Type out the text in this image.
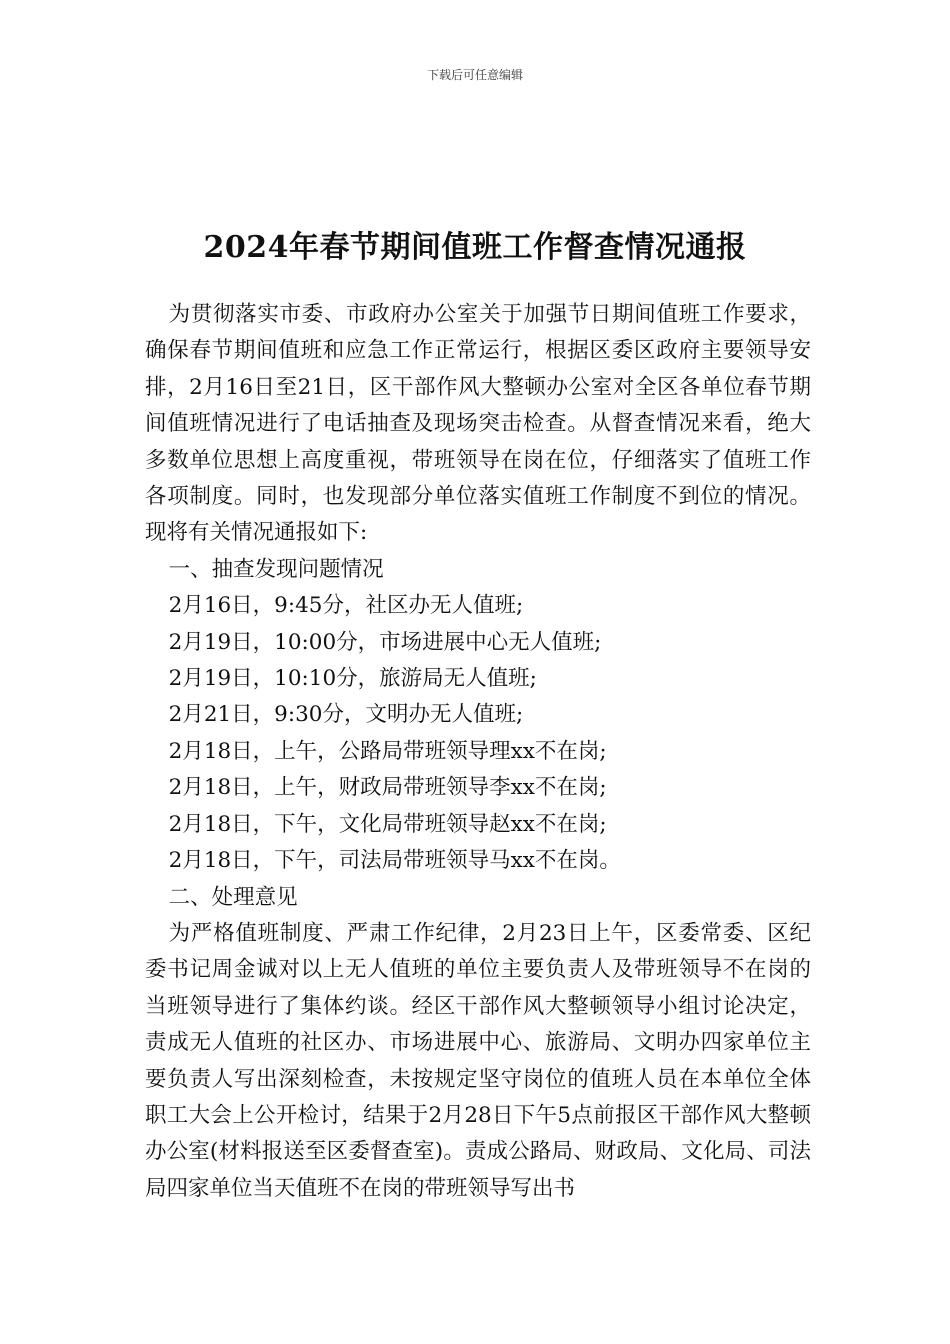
下载后可任意编辑
2024年春节期间值班工作督查情况通报

为贯彻落实市委、市政府办公室关于加强节日期间值班工作要求，确保春节期间值班和应急工作正常运行，根据区委区政府主要领导安排，2月16日至21日，区干部作风大整顿办公室对全区各单位春节期间值班情况进行了电话抽查及现场突击检查。从督查情况来看，绝大多数单位思想上高度重视，带班领导在岗在位，仔细落实了值班工作各项制度。同时，也发现部分单位落实值班工作制度不到位的情况。现将有关情况通报如下:

一、抽查发现问题情况
2月16日，9:45分，社区办无人值班;
2月19日，10:00分，市场进展中心无人值班;
2月19日，10:10分，旅游局无人值班;
2月21日，9:30分，文明办无人值班;
2月18日，上午，公路局带班领导理xx不在岗;
2月18日，上午，财政局带班领导李xx不在岗;
2月18日，下午，文化局带班领导赵xx不在岗;
2月18日，下午，司法局带班领导马xx不在岗。
二、处理意见

为严格值班制度、严肃工作纪律，2月23日上午，区委常委、区纪委书记周金诚对以上无人值班的单位主要负责人及带班领导不在岗的当班领导进行了集体约谈。经区干部作风大整顿领导小组讨论决定，责成无人值班的社区办、市场进展中心、旅游局、文明办四家单位主要负责人写出深刻检查，未按规定坚守岗位的值班人员在本单位全体职工大会上公开检讨，结果于2月28日下午5点前报区干部作风大整顿办公室(材料报送至区委督查室)。责成公路局、财政局、文化局、司法局四家单位当天值班不在岗的带班领导写出书
